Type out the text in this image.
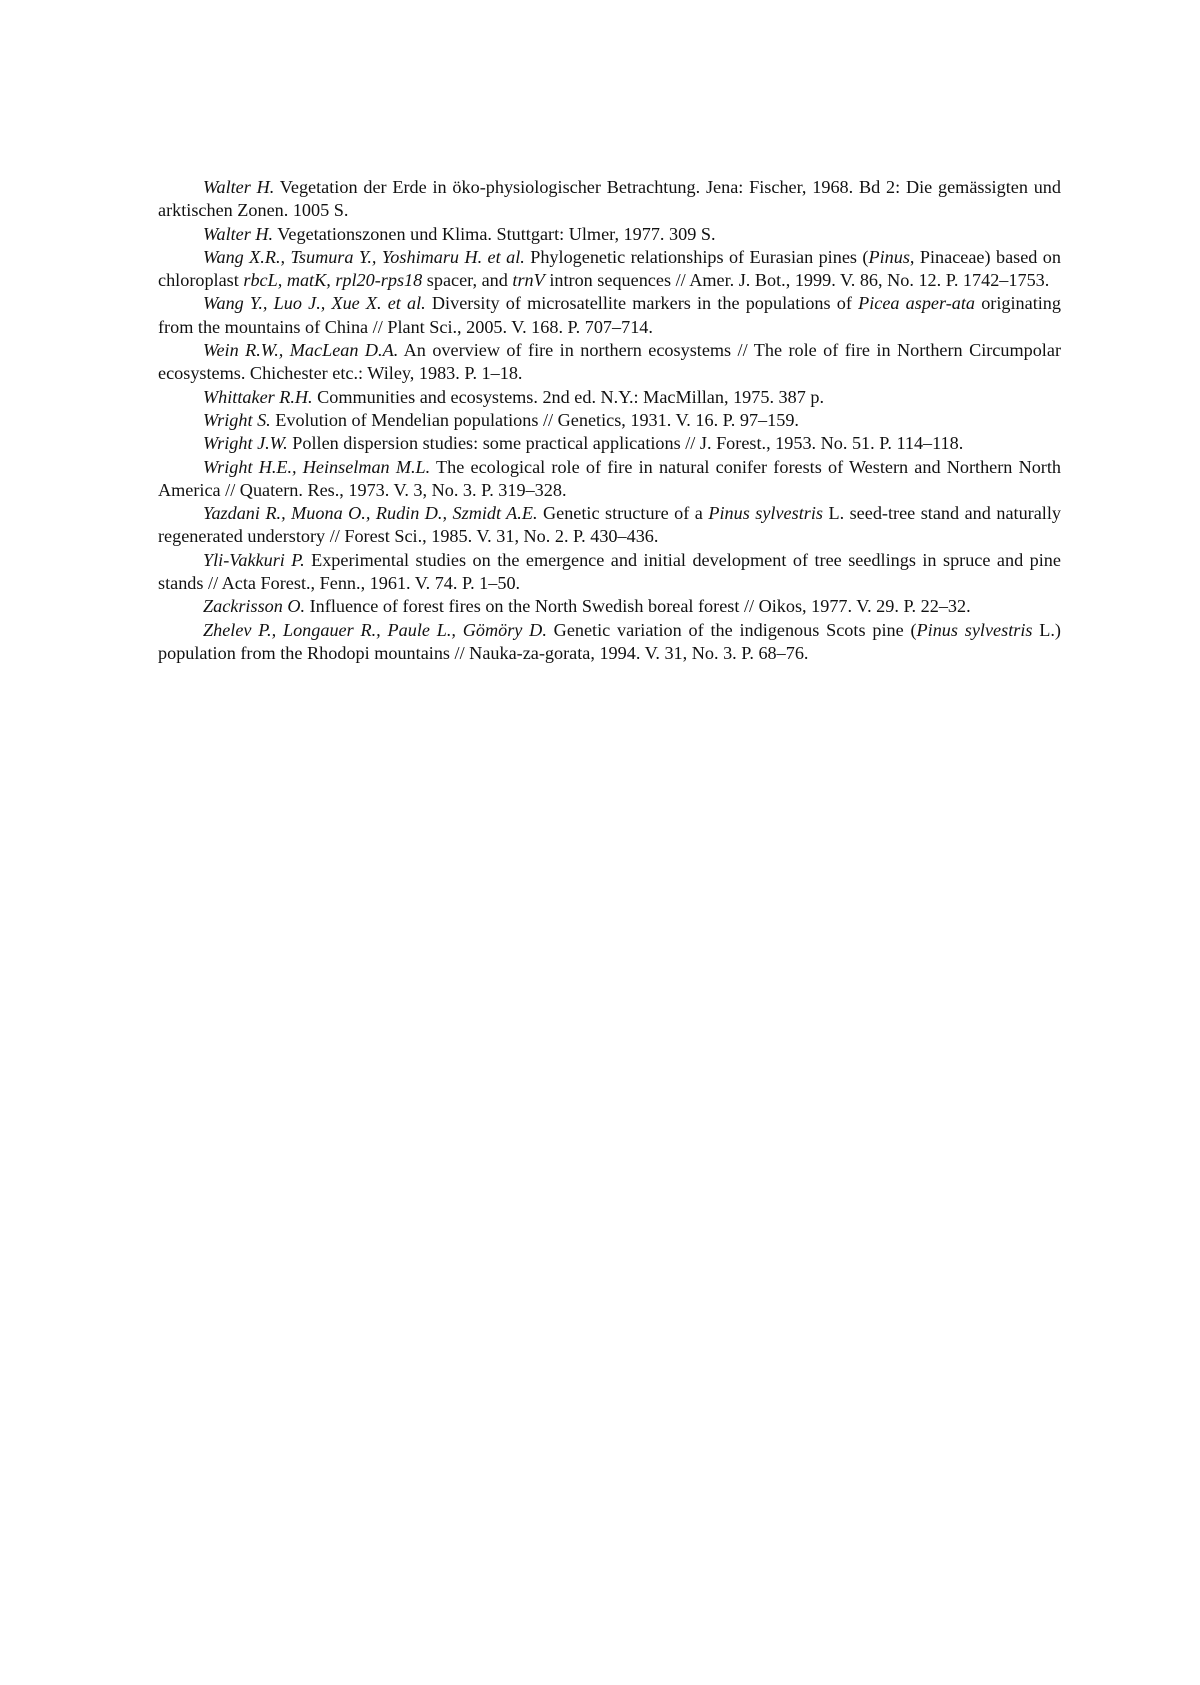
Walter H. Vegetation der Erde in öko-physiologischer Betrachtung. Jena: Fischer, 1968. Bd 2: Die gemässigten und arktischen Zonen. 1005 S.

Walter H. Vegetationszonen und Klima. Stuttgart: Ulmer, 1977. 309 S.

Wang X.R., Tsumura Y., Yoshimaru H. et al. Phylogenetic relationships of Eurasian pines (Pinus, Pinaceae) based on chloroplast rbcL, matK, rpl20-rps18 spacer, and trnV intron sequences // Amer. J. Bot., 1999. V. 86, No. 12. P. 1742–1753.

Wang Y., Luo J., Xue X. et al. Diversity of microsatellite markers in the populations of Picea asper-ata originating from the mountains of China // Plant Sci., 2005. V. 168. P. 707–714.

Wein R.W., MacLean D.A. An overview of fire in northern ecosystems // The role of fire in Northern Circumpolar ecosystems. Chichester etc.: Wiley, 1983. P. 1–18.

Whittaker R.H. Communities and ecosystems. 2nd ed. N.Y.: MacMillan, 1975. 387 p.

Wright S. Evolution of Mendelian populations // Genetics, 1931. V. 16. P. 97–159.

Wright J.W. Pollen dispersion studies: some practical applications // J. Forest., 1953. No. 51. P. 114–118.

Wright H.E., Heinselman M.L. The ecological role of fire in natural conifer forests of Western and Northern North America // Quatern. Res., 1973. V. 3, No. 3. P. 319–328.

Yazdani R., Muona O., Rudin D., Szmidt A.E. Genetic structure of a Pinus sylvestris L. seed-tree stand and naturally regenerated understory // Forest Sci., 1985. V. 31, No. 2. P. 430–436.

Yli-Vakkuri P. Experimental studies on the emergence and initial development of tree seedlings in spruce and pine stands // Acta Forest., Fenn., 1961. V. 74. P. 1–50.

Zackrisson O. Influence of forest fires on the North Swedish boreal forest // Oikos, 1977. V. 29. P. 22–32.

Zhelev P., Longauer R., Paule L., Gömöry D. Genetic variation of the indigenous Scots pine (Pinus sylvestris L.) population from the Rhodopi mountains // Nauka-za-gorata, 1994. V. 31, No. 3. P. 68–76.
